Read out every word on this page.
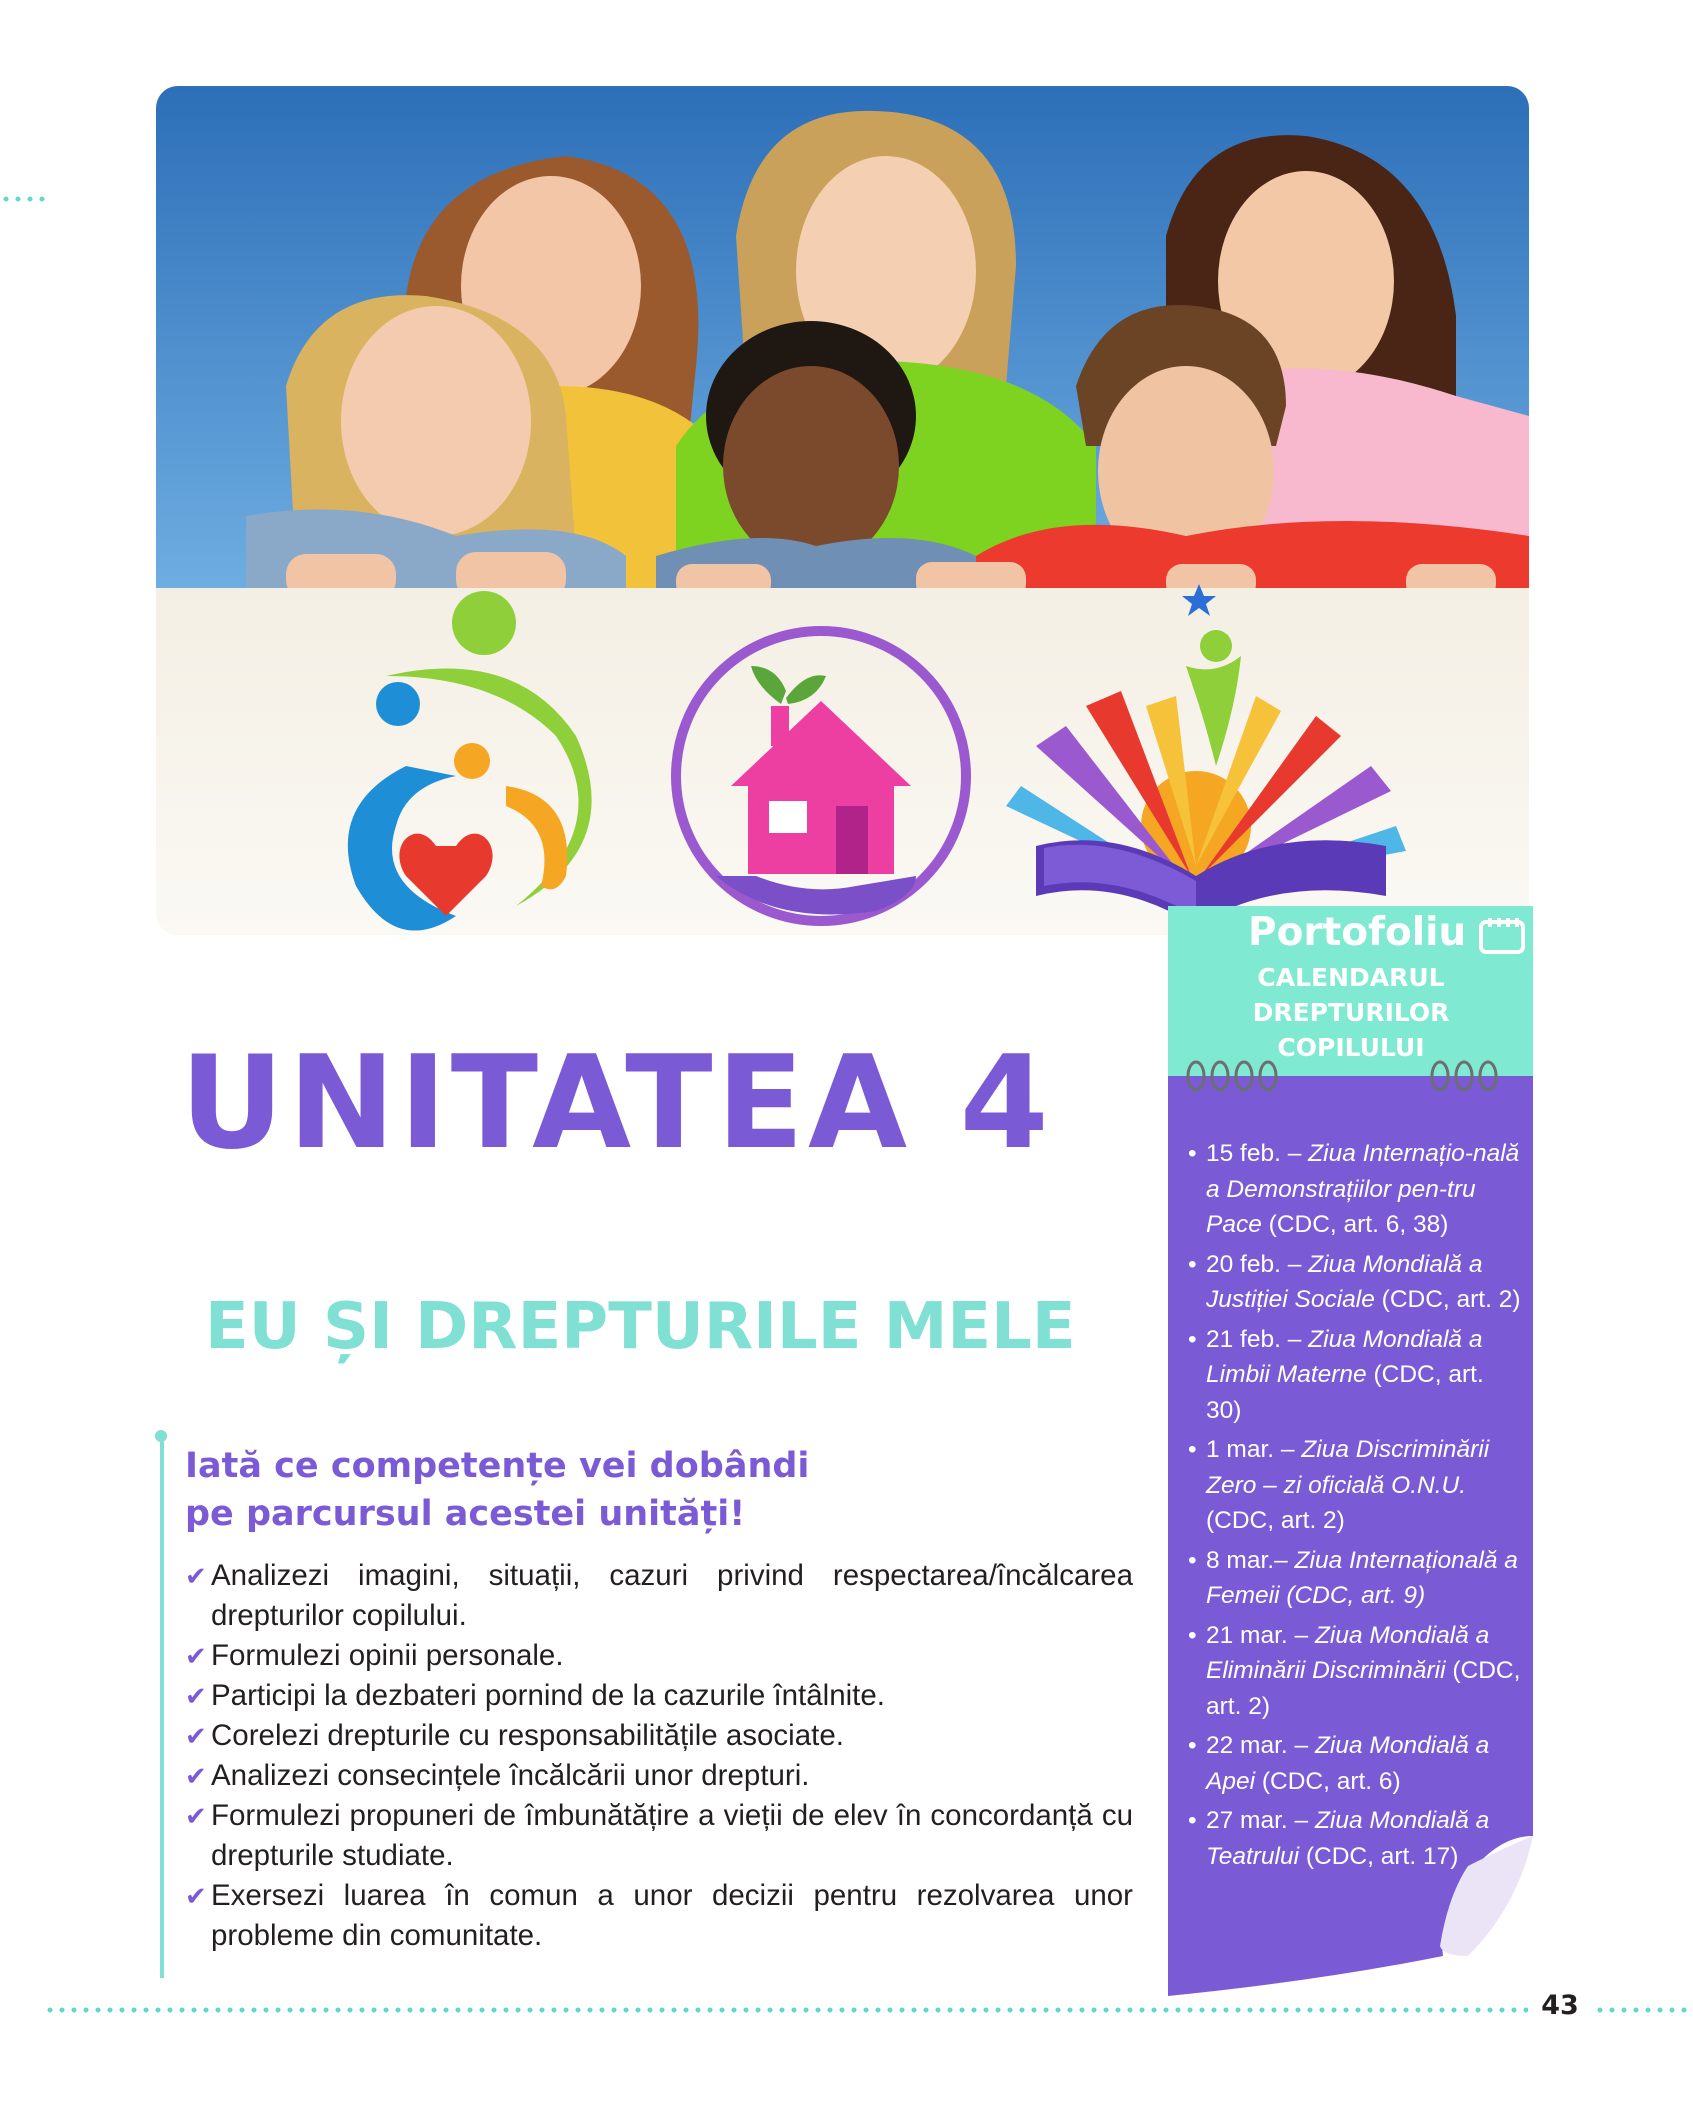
UNITATEA 4
EU ȘI DREPTURILE MELE
Iată ce competențe vei dobândi
pe parcursul acestei unități!
✔ Analizezi imagini, situații, cazuri privind respectarea/încălcarea drepturilor copilului.
✔ Formulezi opinii personale.
✔ Participi la dezbateri pornind de la cazurile întâlnite.
✔ Corelezi drepturile cu responsabilitățile asociate.
✔ Analizezi consecințele încălcării unor drepturi.
✔ Formulezi propuneri de îmbunătățire a vieții de elev în concordanță cu drepturile studiate.
✔ Exersezi luarea în comun a unor decizii pentru rezolvarea unor probleme din comunitate.
Portofoliu
CALENDARUL
DREPTURILOR
COPILULUI
• 15 feb. – Ziua Internațio-nală a Demonstrațiilor pen-tru Pace (CDC, art. 6, 38)
• 20 feb. – Ziua Mondială a Justiției Sociale (CDC, art. 2)
• 21 feb. – Ziua Mondială a Limbii Materne (CDC, art. 30)
• 1 mar. – Ziua Discriminării Zero – zi oficială O.N.U. (CDC, art. 2)
• 8 mar.– Ziua Internațională a Femeii (CDC, art. 9)
• 21 mar. – Ziua Mondială a Eliminării Discriminării (CDC, art. 2)
• 22 mar. – Ziua Mondială a Apei (CDC, art. 6)
• 27 mar. – Ziua Mondială a Teatrului (CDC, art. 17)
43
